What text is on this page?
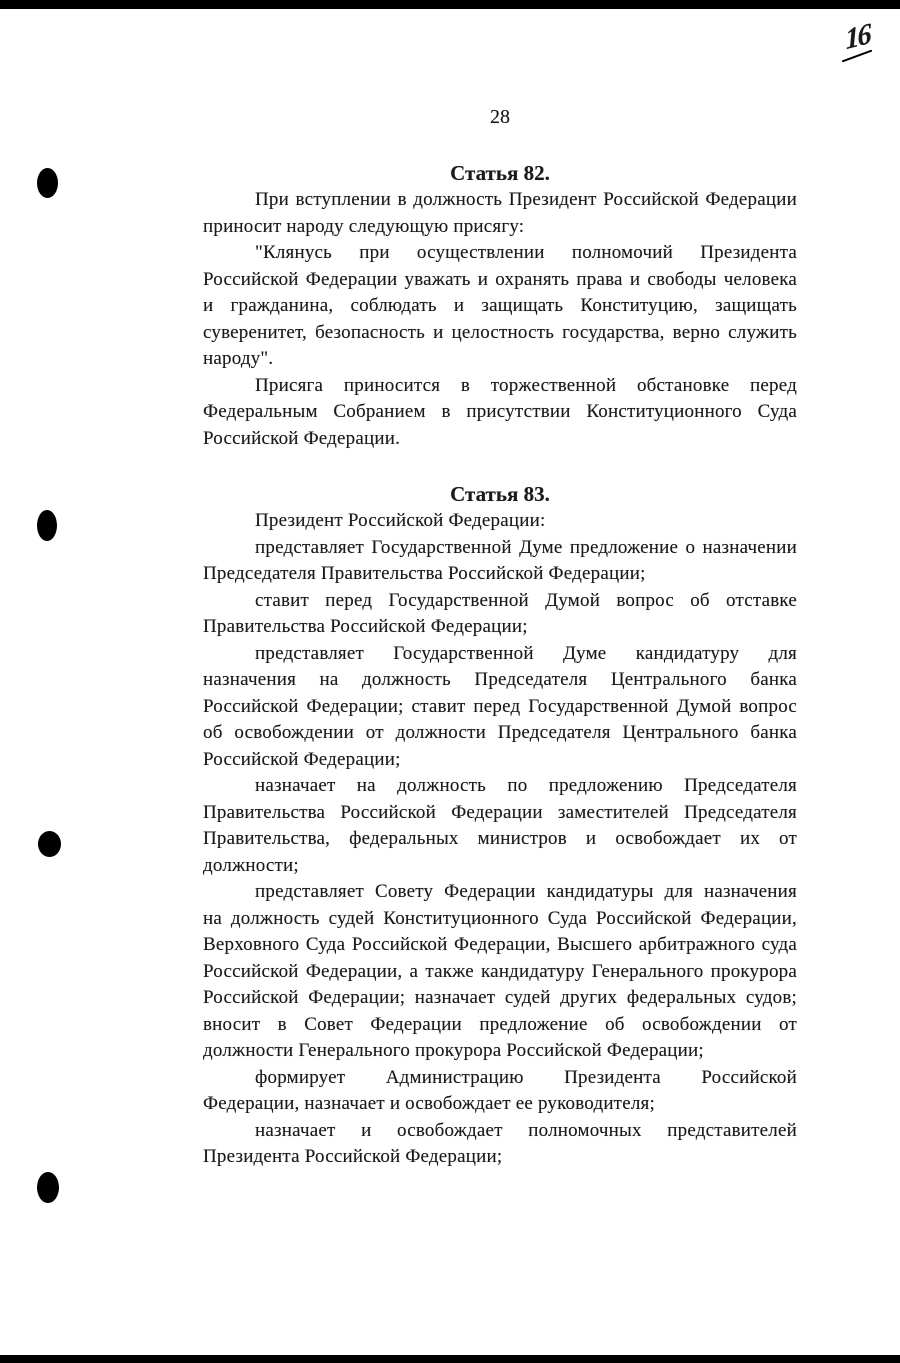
16
28
Статья 82.
При вступлении в должность Президент Российской Федерации
приносит народу следующую присягу:
"Клянусь при осуществлении полномочий Президента
Российской Федерации уважать и охранять права и свободы человека
и гражданина, соблюдать и защищать Конституцию, защищать
суверенитет, безопасность и целостность государства, верно служить
народу".
Присяга приносится в торжественной обстановке перед
Федеральным Собранием в присутствии Конституционного Суда
Российской Федерации.
Статья 83.
Президент Российской Федерации:
представляет Государственной Думе предложение о назначении
Председателя Правительства Российской Федерации;
ставит перед Государственной Думой вопрос об отставке
Правительства Российской Федерации;
представляет Государственной Думе кандидатуру для
назначения на должность Председателя Центрального банка
Российской Федерации; ставит перед Государственной Думой вопрос
об освобождении от должности Председателя Центрального банка
Российской Федерации;
назначает на должность по предложению Председателя
Правительства Российской Федерации заместителей Председателя
Правительства, федеральных министров и освобождает их от
должности;
представляет Совету Федерации кандидатуры для назначения
на должность судей Конституционного Суда Российской Федерации,
Верховного Суда Российской Федерации, Высшего арбитражного суда
Российской Федерации, а также кандидатуру Генерального прокурора
Российской Федерации; назначает судей других федеральных судов;
вносит в Совет Федерации предложение об освобождении от
должности Генерального прокурора Российской Федерации;
формирует Администрацию Президента Российской
Федерации, назначает и освобождает ее руководителя;
назначает и освобождает полномочных представителей
Президента Российской Федерации;
